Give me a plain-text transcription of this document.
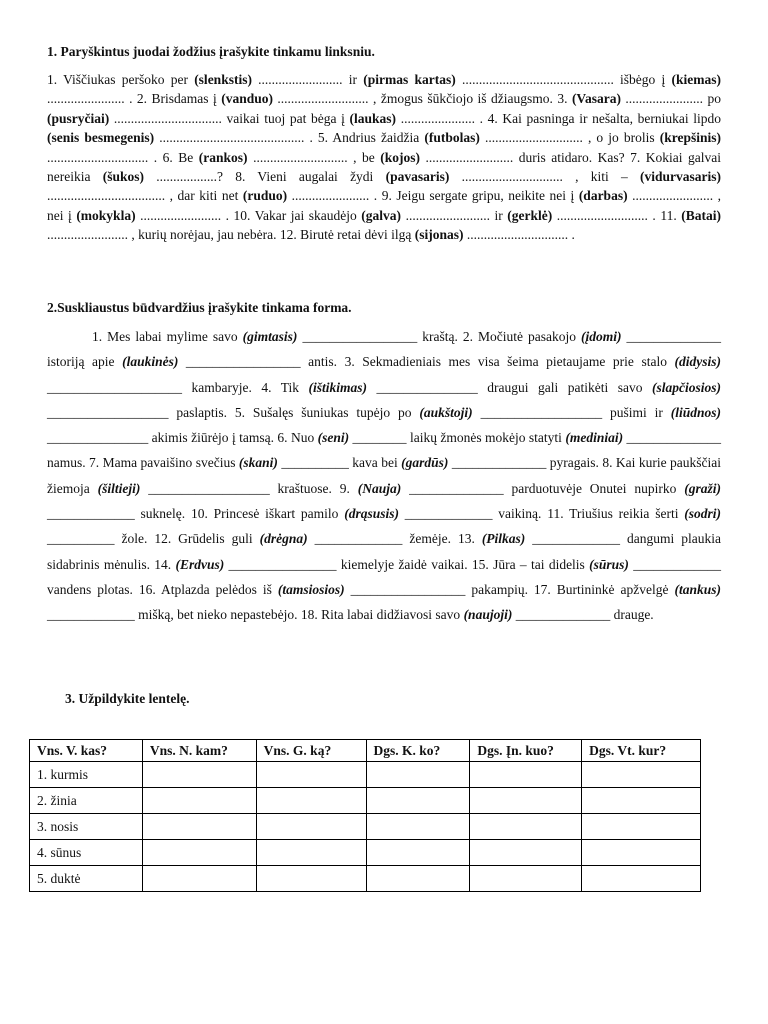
1. Paryškintus juodai žodžius įrašykite tinkamu linksniu.
1. Viščiukas peršoko per (slenkstis) ......................... ir (pirmas kartas) ............................................. išbėgo į (kiemas) ....................... . 2. Brisdamas į (vanduo) ........................... , žmogus šūkčiojo iš džiaugsmo. 3. (Vasara) ....................... po (pusryčiai) ................................ vaikai tuoj pat bėga į (laukas) ...................... . 4. Kai pasninga ir nešalta, berniukai lipdo (senis besmegenis) ........................................... . 5. Andrius žaidžia (futbolas) ............................. , o jo brolis (krepšinis) .............................. . 6. Be (rankos) ............................ , be (kojos) .......................... duris atidaro. Kas? 7. Kokiai galvai nereikia (šukos) ..................? 8. Vieni augalai žydi (pavasaris) .............................. , kiti – (vidurvasaris) ................................... , dar kiti net (ruduo) ....................... . 9. Jeigu sergate gripu, neikite nei į (darbas) ........................ , nei į (mokykla) ........................ . 10. Vakar jai skaudėjo (galva) ......................... ir (gerklė) ........................... . 11. (Batai) ........................ , kurių norėjau, jau nebėra. 12. Birutė retai dėvi ilgą (sijonas) .............................. .
2.Suskliaustus būdvardžius įrašykite tinkama forma.
1. Mes labai mylime savo (gimtasis) _________________ kraštą. 2. Močiutė pasakojo (įdomi) ______________ istoriją apie (laukinės) _________________ antis. 3. Sekmadieniais mes visa šeima pietaujame prie stalo (didysis) ____________________ kambaryje. 4. Tik (ištikimas) _______________ draugui gali patikėti savo (slapčiosios) __________________ paslaptis. 5. Sušalęs šuniukas tupėjo po (aukštoji) __________________ pušimi ir (liūdnos) _______________ akimis žiūrėjo į tamsą. 6. Nuo (seni) ________ laikų žmonės mokėjo statyti (mediniai) ______________ namus. 7. Mama pavaišino svečius (skani) __________ kava bei (gardūs) ______________ pyragais. 8. Kai kurie paukščiai žiemoja (šiltieji) __________________ kraštuose. 9. (Nauja) ______________ parduotuvėje Onutei nupirko (graži) _____________ suknelę. 10. Princesė iškart pamilo (drąsusis) _____________ vaikiną. 11. Triušius reikia šerti (sodri) __________ žole. 12. Grūdelis guli (drėgna) _____________ žemėje. 13. (Pilkas) _____________ dangumi plaukia sidabrinis mėnulis. 14. (Erdvus) ________________ kiemelyje žaidė vaikai. 15. Jūra – tai didelis (sūrus) _____________ vandens plotas. 16. Atplazda pelėdos iš (tamsiosios) _________________ pakampių. 17. Burtininkė apžvelgė (tankus) _____________ mišką, bet nieko nepastebėjo. 18. Rita labai didžiavosi savo (naujoji) ______________ drauge.
3. Užpildykite lentelę.
Vns. V. kas?	Vns. N. kam?	Vns. G. ką?	Dgs. K. ko?	Dgs. Įn. kuo?	Dgs. Vt. kur?
1. kurmis					
2. žinia					
3. nosis					
4. sūnus					
5. duktė					
